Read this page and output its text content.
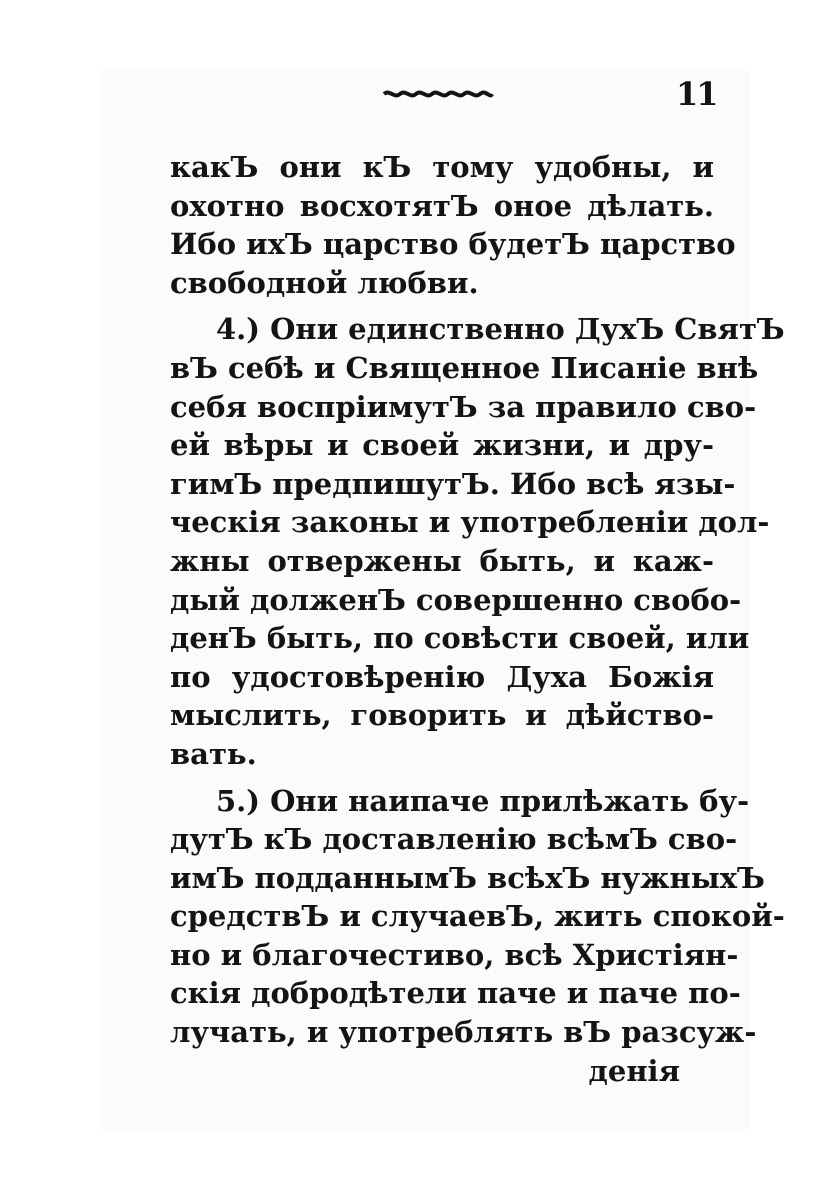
11
какЪ они кЪ тому удобны, и
охотно восхотятЪ оное дѣлать.
Ибо ихЪ царство будетЪ царство
свободной любви.
4.) Они единственно ДухЪ СвятЪ
вЪ себѣ и Священное Писаніе внѣ
себя воспріимутЪ за правило сво-
ей вѣры и своей жизни, и дру-
гимЪ предпишутЪ. Ибо всѣ язы-
ческія законы и употребленіи дол-
жны отвержены быть, и каж-
дый долженЪ совершенно свобо-
денЪ быть, по совѣсти своей, или
по удостовѣренію Духа Божія
мыслить, говорить и дѣйство-
вать.
5.) Они наипаче прилѣжать бу-
дутЪ кЪ доставленію всѣмЪ сво-
имЪ подданнымЪ всѣхЪ нужныхЪ
средствЪ и случаевЪ, жить спокой-
но и благочестиво, всѣ Христіян-
скія добродѣтели паче и паче по-
лучать, и употреблять вЪ разсуж-
денія
